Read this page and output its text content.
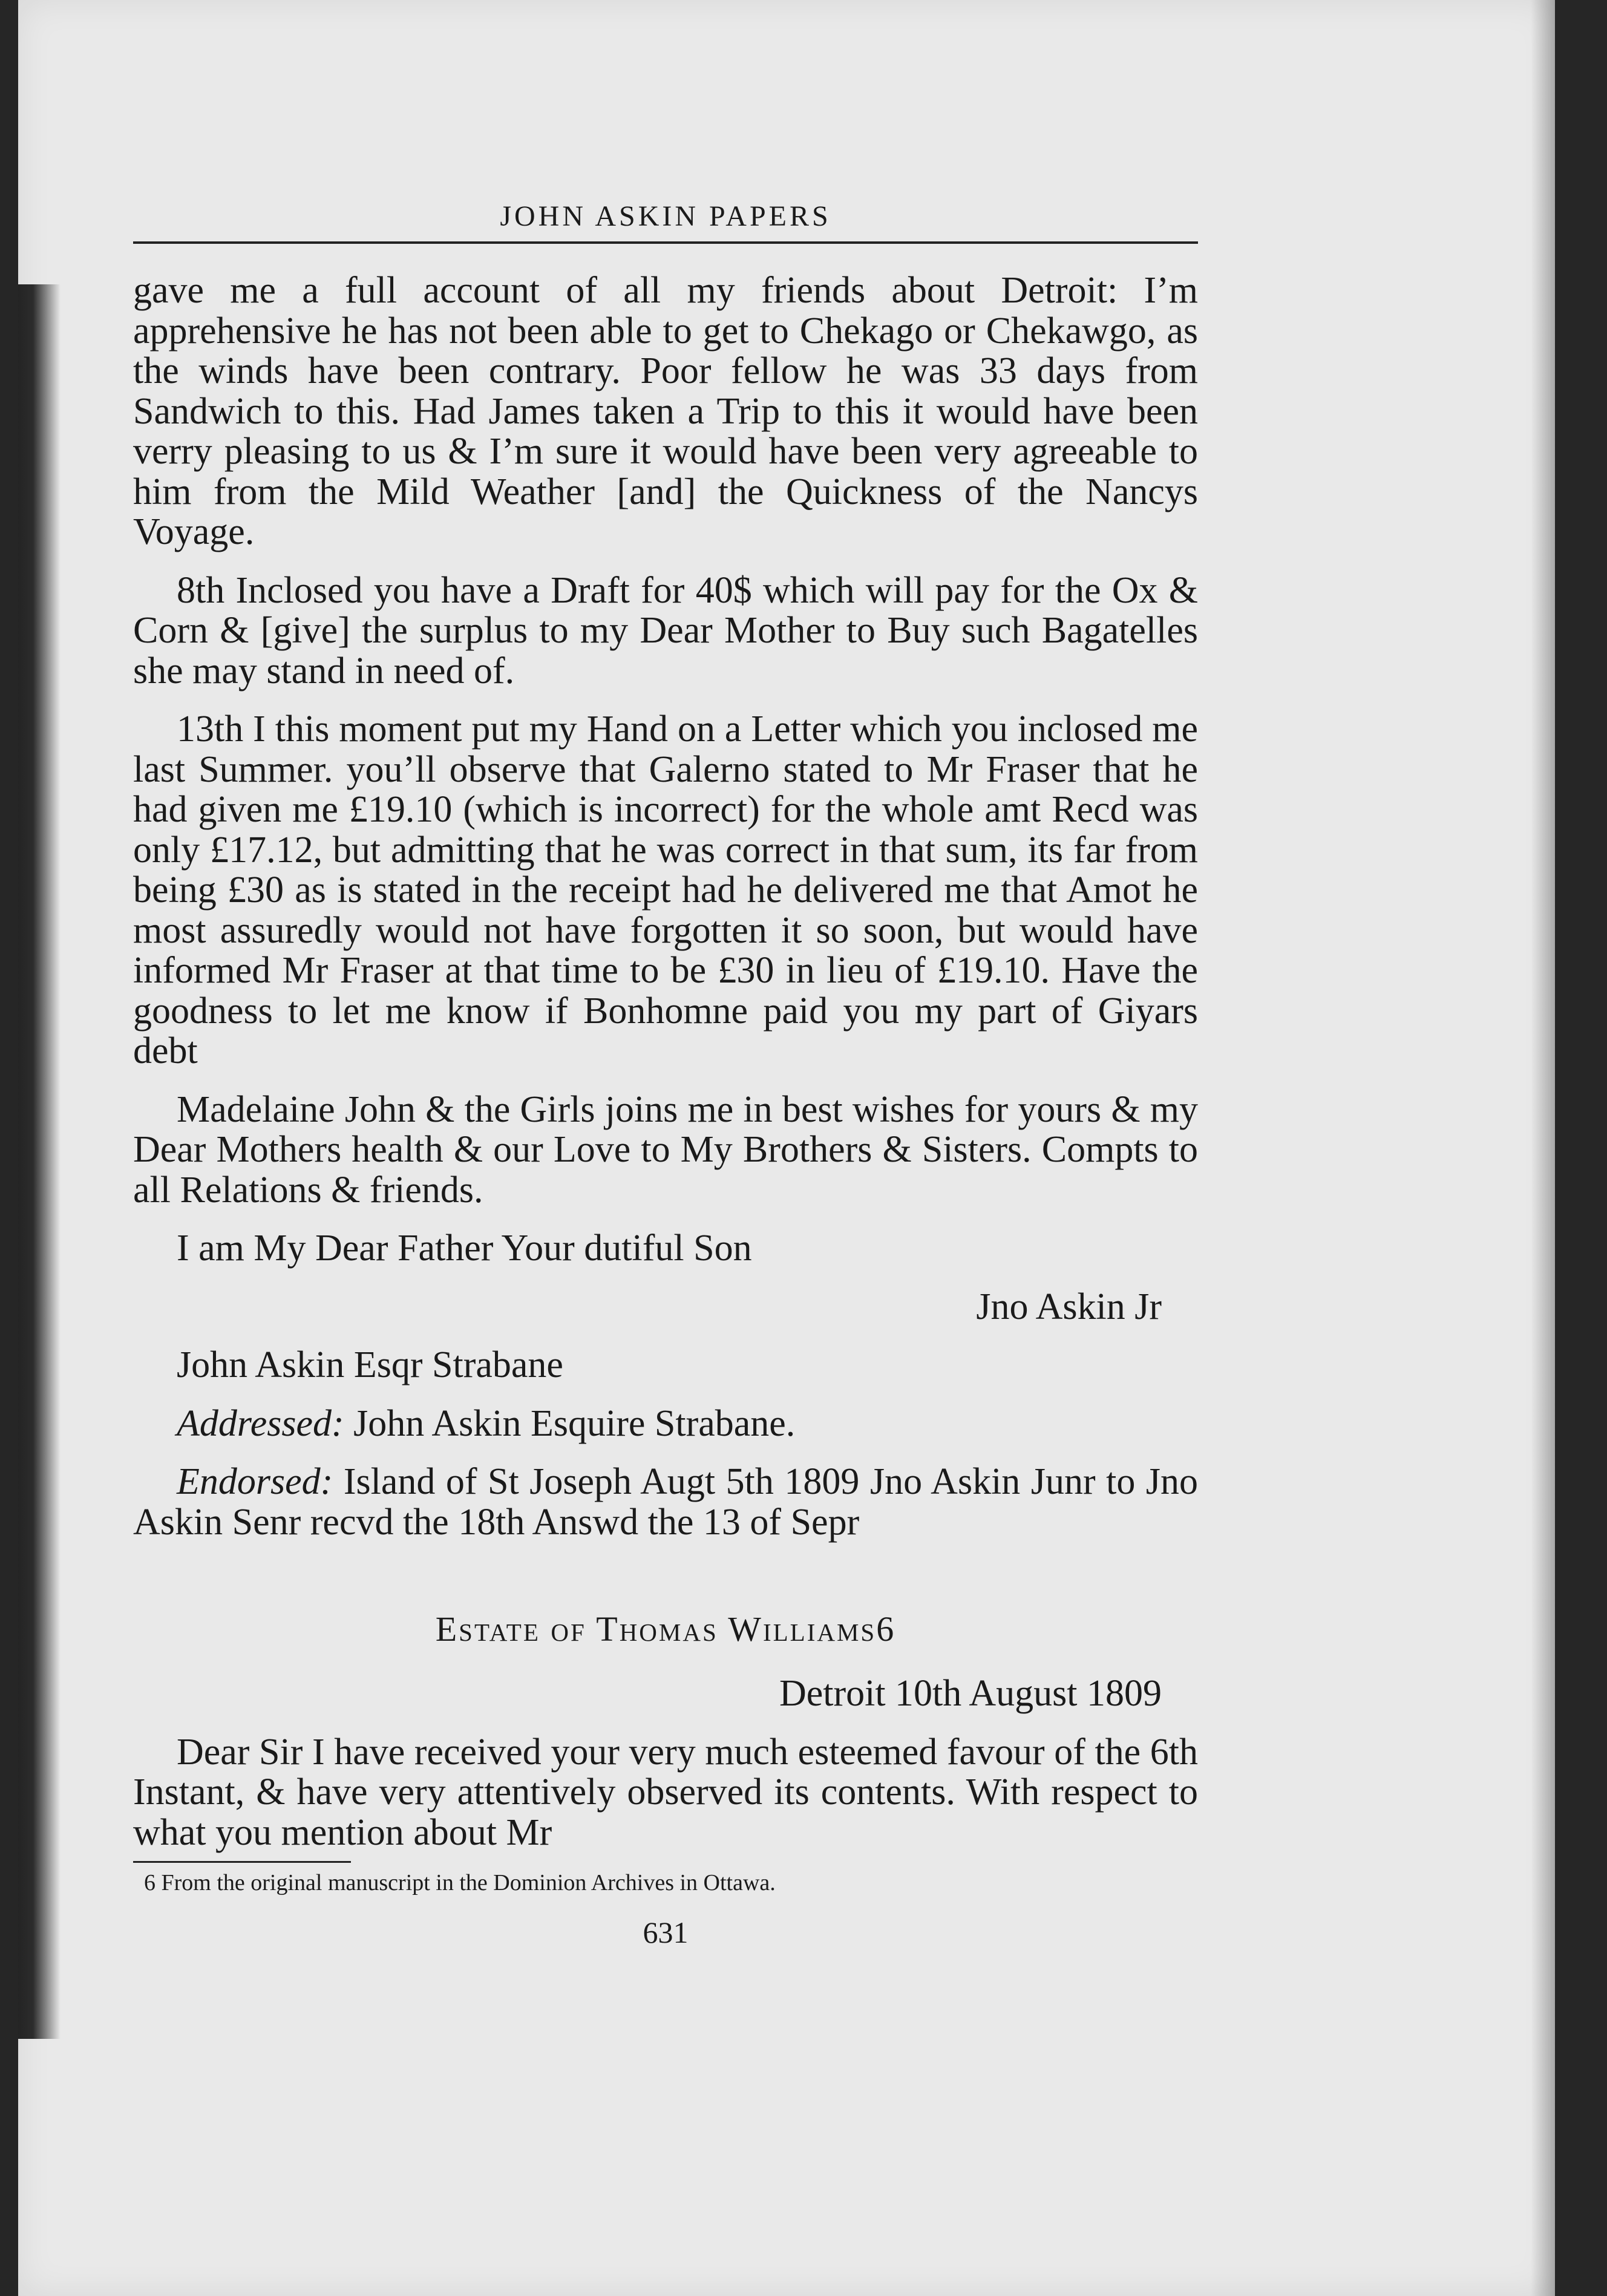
JOHN ASKIN PAPERS

gave me a full account of all my friends about Detroit: I’m apprehensive he has not been able to get to Chekago or Chekawgo, as the winds have been contrary. Poor fellow he was 33 days from Sandwich to this. Had James taken a Trip to this it would have been verry pleasing to us & I’m sure it would have been very agreeable to him from the Mild Weather [and] the Quickness of the Nancys Voyage.

8th Inclosed you have a Draft for 40$ which will pay for the Ox & Corn & [give] the surplus to my Dear Mother to Buy such Bagatelles she may stand in need of.

13th I this moment put my Hand on a Letter which you inclosed me last Summer. you’ll observe that Galerno stated to Mr Fraser that he had given me £19.10 (which is incorrect) for the whole amt Recd was only £17.12, but admitting that he was correct in that sum, its far from being £30 as is stated in the receipt had he delivered me that Amot he most assuredly would not have forgotten it so soon, but would have informed Mr Fraser at that time to be £30 in lieu of £19.10. Have the goodness to let me know if Bonhomne paid you my part of Giyars debt

Madelaine John & the Girls joins me in best wishes for yours & my Dear Mothers health & our Love to My Brothers & Sisters. Compts to all Relations & friends.

I am My Dear Father Your dutiful Son

Jno Askin Jr

John Askin Esqr Strabane

Addressed: John Askin Esquire Strabane.

Endorsed: Island of St Joseph Augt 5th 1809 Jno Askin Junr to Jno Askin Senr recvd the 18th Answd the 13 of Sepr

Estate of Thomas Williams6

Detroit 10th August 1809

Dear Sir I have received your very much esteemed favour of the 6th Instant, & have very attentively observed its contents. With respect to what you mention about Mr

6 From the original manuscript in the Dominion Archives in Ottawa.
631
